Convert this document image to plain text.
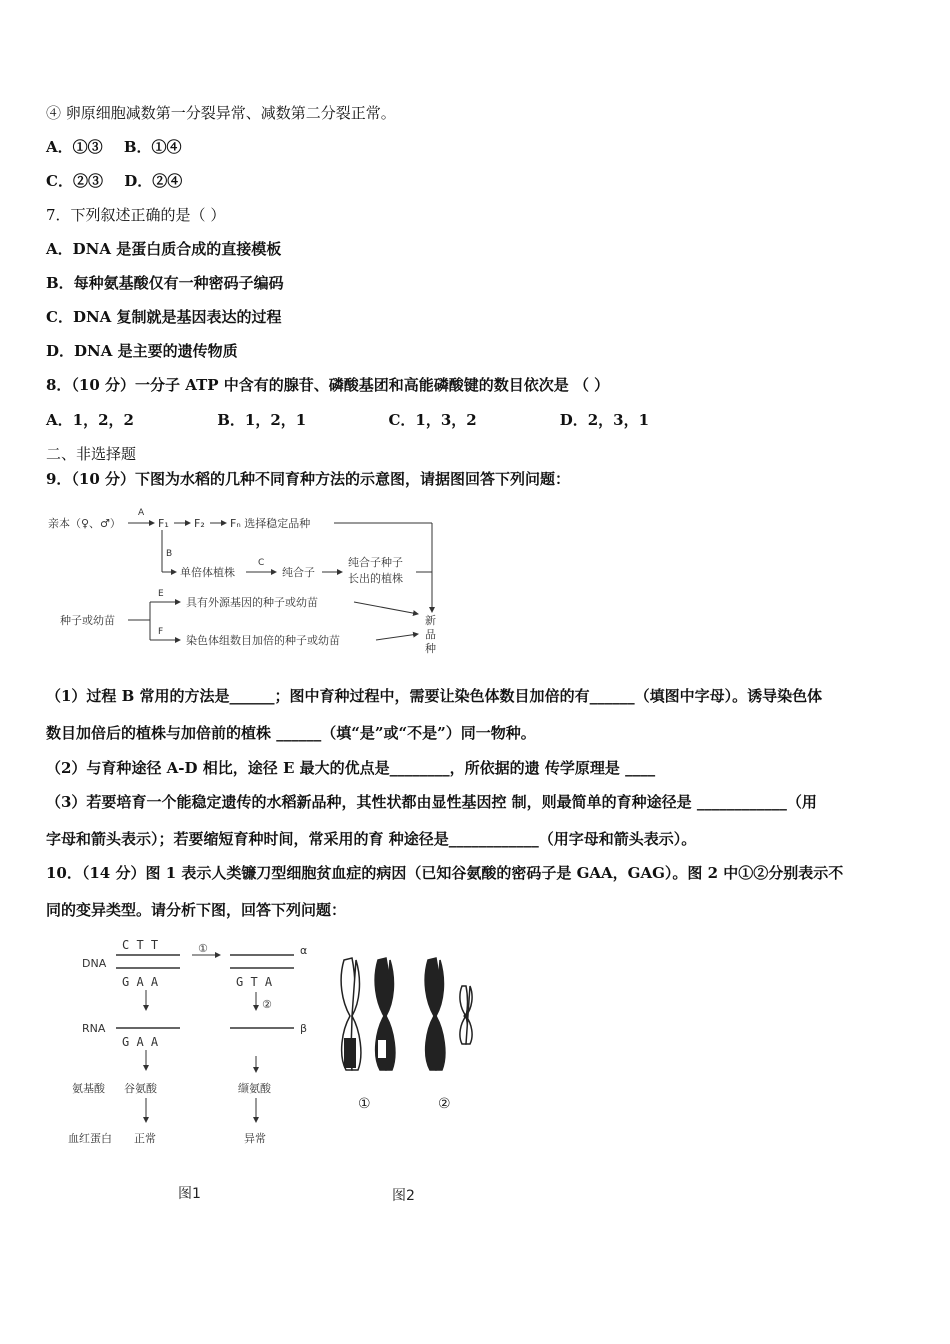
④ 卵原细胞减数第一分裂异常、减数第二分裂正常。
A．①③ B．①④
C．②③ D．②④
7．下列叙述正确的是（ ）
A．DNA 是蛋白质合成的直接模板
B．每种氨基酸仅有一种密码子编码
C．DNA 复制就是基因表达的过程
D．DNA 是主要的遗传物质
8．（10 分）一分子 ATP 中含有的腺苷、磷酸基团和高能磷酸键的数目依次是 （ ）
A．1，2，2	B．1，2，1	C．1，3，2	D．2，3，1
二、非选择题
9．（10 分）下图为水稻的几种不同育种方法的示意图，请据图回答下列问题：
亲本（♀、♂）
A
F₁ F₂ Fₙ 选择稳定品种
B
单倍体植株
C
纯合子
纯合子种子
长出的植株
种子或幼苗
E
具有外源基因的种子或幼苗
F
染色体组数目加倍的种子或幼苗
新
品
种
（1）过程 B 常用的方法是______；图中育种过程中，需要让染色体数目加倍的有______（填图中字母）。诱导染色体
数目加倍后的植株与加倍前的植株 ______（填“是”或“不是”）同一物种。
（2）与育种途径 A-D 相比，途径 E 最大的优点是________，所依据的遗 传学原理是 ____
（3）若要培育一个能稳定遗传的水稻新品种，其性状都由显性基因控 制，则最简单的育种途径是 ____________（用
字母和箭头表示）；若要缩短育种时间，常采用的育 种途径是____________（用字母和箭头表示）。
10．（14 分）图 1 表示人类镰刀型细胞贫血症的病因（已知谷氨酸的密码子是 GAA，GAG）。图 2 中①②分别表示不
同的变异类型。请分析下图，回答下列问题：
DNA
C T T
G A A
RNA
G A A
氨基酸 谷氨酸
血红蛋白 正常
①	α
G T A
②
β
缬氨酸
异常
图1
①	②
图2
